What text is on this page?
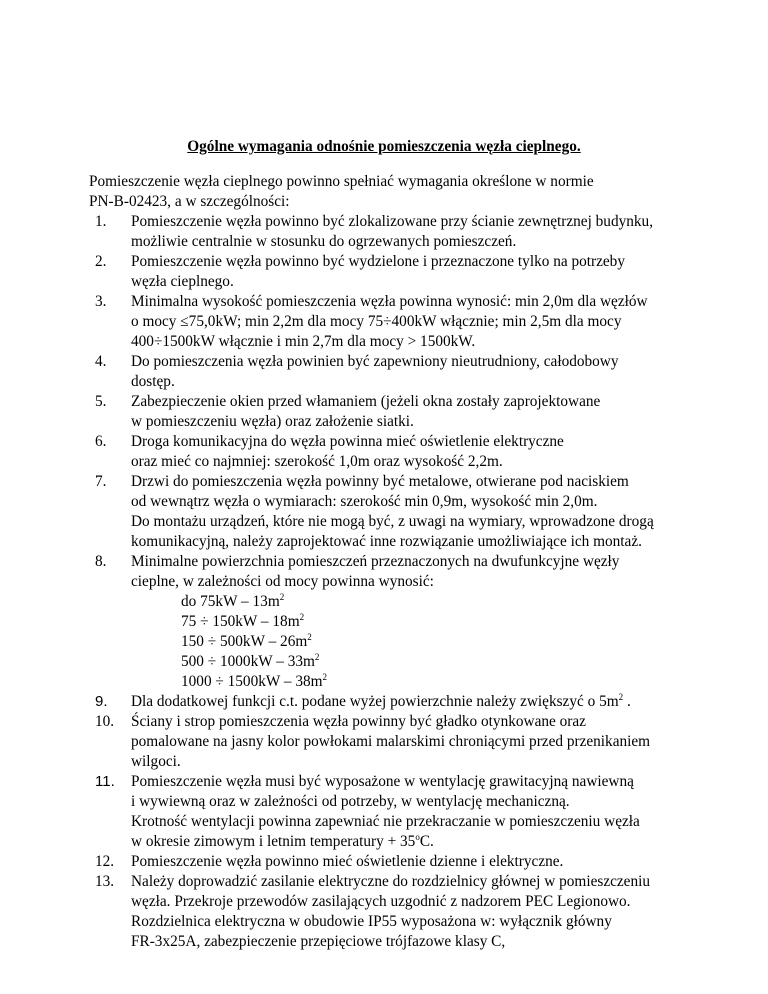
Ogólne wymagania odnośnie pomieszczenia węzła cieplnego.

Pomieszczenie węzła cieplnego powinno spełniać wymagania określone w normie
PN-B-02423, a w szczególności:

1.	Pomieszczenie węzła powinno być zlokalizowane przy ścianie zewnętrznej budynku,
możliwie centralnie w stosunku do ogrzewanych pomieszczeń.
2.	Pomieszczenie węzła powinno być wydzielone i przeznaczone tylko na potrzeby
węzła cieplnego.
3.	Minimalna wysokość pomieszczenia węzła powinna wynosić: min 2,0m dla węzłów
o mocy ≤75,0kW; min 2,2m dla mocy 75÷400kW włącznie; min 2,5m dla mocy
400÷1500kW włącznie i min 2,7m dla mocy > 1500kW.
4.	Do pomieszczenia węzła powinien być zapewniony nieutrudniony, całodobowy
dostęp.
5.	Zabezpieczenie okien przed włamaniem (jeżeli okna zostały zaprojektowane
w pomieszczeniu węzła) oraz założenie siatki.
6.	Droga komunikacyjna do węzła powinna mieć oświetlenie elektryczne
oraz mieć co najmniej: szerokość 1,0m oraz wysokość 2,2m.
7.	Drzwi do pomieszczenia węzła powinny być metalowe, otwierane pod naciskiem
od wewnątrz węzła o wymiarach: szerokość min 0,9m, wysokość min 2,0m.
Do montażu urządzeń, które nie mogą być, z uwagi na wymiary, wprowadzone drogą
komunikacyjną, należy zaprojektować inne rozwiązanie umożliwiające ich montaż.
8.	Minimalne powierzchnia pomieszczeń przeznaczonych na dwufunkcyjne węzły
cieplne, w zależności od mocy powinna wynosić:
do $75kW - 13m^2$
$75 \div 150kW - 18m^2$
$150 \div 500kW - 26m^2$
$500 \div 1000kW - 33m^2$
$1000 \div 1500kW - 38m^2$
9.	Dla dodatkowej funkcji c.t. podane wyżej powierzchnie należy zwiększyć o $5m^2$ .
10.	Ściany i strop pomieszczenia węzła powinny być gładko otynkowane oraz
pomalowane na jasny kolor powłokami malarskimi chroniącymi przed przenikaniem
wilgoci.
11.	Pomieszczenie węzła musi być wyposażone w wentylację grawitacyjną nawiewną
i wywiewną oraz w zależności od potrzeby, w wentylację mechaniczną.
Krotność wentylacji powinna zapewniać nie przekraczanie w pomieszczeniu węzła
w okresie zimowym i letnim temperatury + $35^oC$.
12.	Pomieszczenie węzła powinno mieć oświetlenie dzienne i elektryczne.
13.	Należy doprowadzić zasilanie elektryczne do rozdzielnicy głównej w pomieszczeniu
węzła. Przekroje przewodów zasilających uzgodnić z nadzorem PEC Legionowo.
Rozdzielnica elektryczna w obudowie IP55 wyposażona w: wyłącznik główny
FR-3x25A, zabezpieczenie przepięciowe trójfazowe klasy C,
